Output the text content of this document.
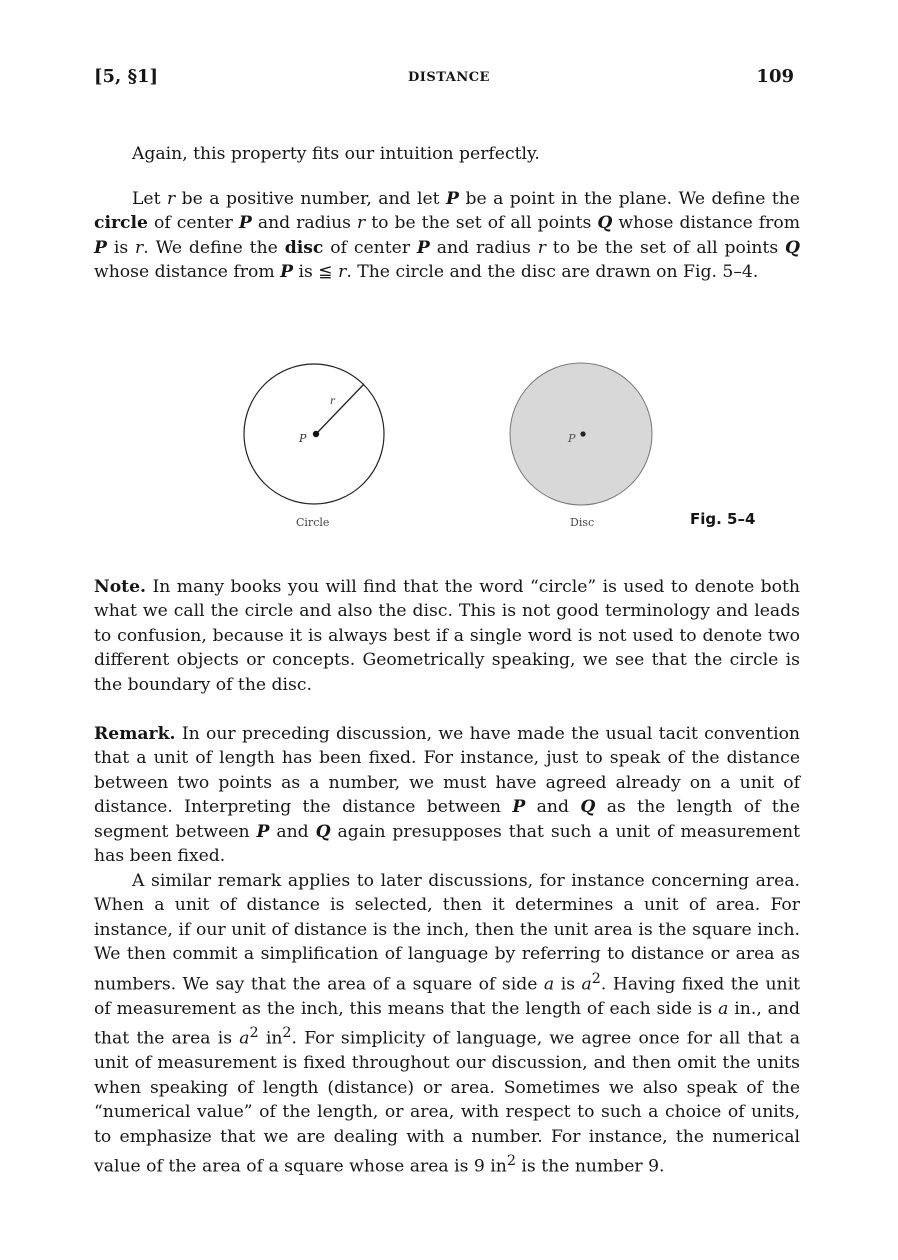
[5, §1]	DISTANCE	109

Again, this property fits our intuition perfectly.

Let r be a positive number, and let P be a point in the plane. We define the circle of center P and radius r to be the set of all points Q whose distance from P is r. We define the disc of center P and radius r to be the set of all points Q whose distance from P is ≦ r. The circle and the disc are drawn on Fig. 5–4.

P
r
P
Circle	Disc	Fig. 5–4

Note. In many books you will find that the word “circle” is used to denote both what we call the circle and also the disc. This is not good terminology and leads to confusion, because it is always best if a single word is not used to denote two different objects or concepts. Geometrically speaking, we see that the circle is the boundary of the disc.

Remark. In our preceding discussion, we have made the usual tacit convention that a unit of length has been fixed. For instance, just to speak of the distance between two points as a number, we must have agreed already on a unit of distance. Interpreting the distance between P and Q as the length of the segment between P and Q again presupposes that such a unit of measurement has been fixed.

A similar remark applies to later discussions, for instance concerning area. When a unit of distance is selected, then it determines a unit of area. For instance, if our unit of distance is the inch, then the unit area is the square inch. We then commit a simplification of language by referring to distance or area as numbers. We say that the area of a square of side a is $a^2$. Having fixed the unit of measurement as the inch, this means that the length of each side is a in., and that the area is $a^2$ $in^2$. For simplicity of language, we agree once for all that a unit of measurement is fixed throughout our discussion, and then omit the units when speaking of length (distance) or area. Sometimes we also speak of the “numerical value” of the length, or area, with respect to such a choice of units, to emphasize that we are dealing with a number. For instance, the numerical value of the area of a square whose area is 9 $in^2$ is the number 9.
